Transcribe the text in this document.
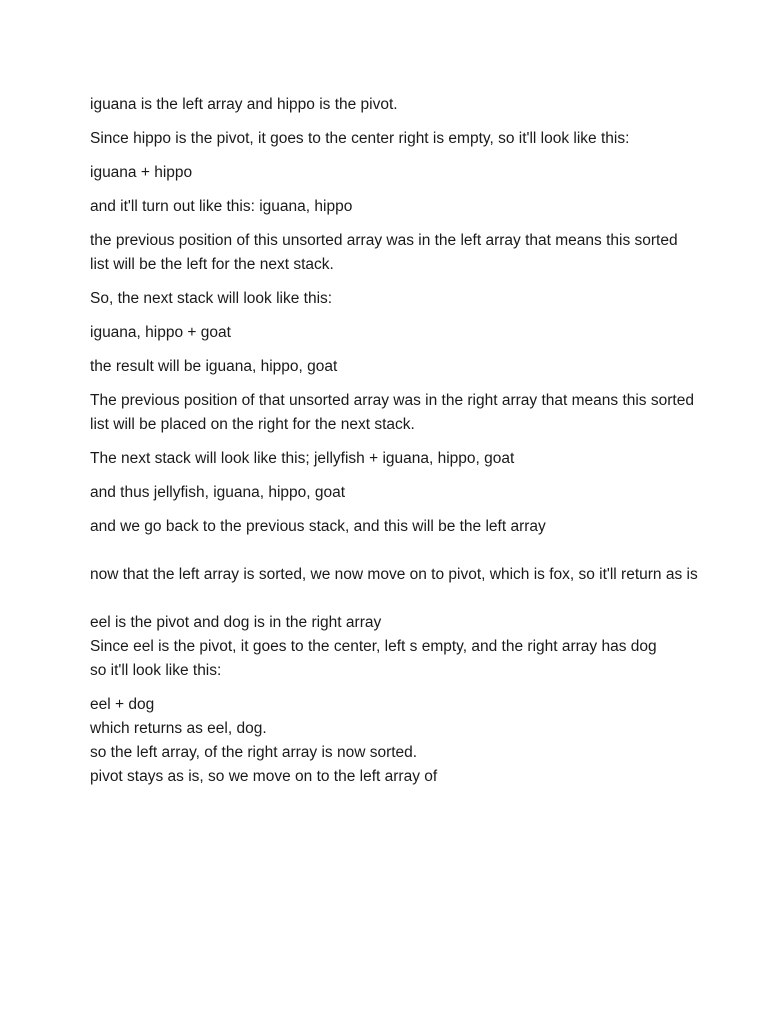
iguana is the left array and hippo is the pivot.

Since hippo is the pivot, it goes to the center right is empty, so it'll look like this:

iguana + hippo

and it'll turn out like this: iguana, hippo

the previous position of this unsorted array was in the left array that means this sorted list will be the left for the next stack.

So, the next stack will look like this:

iguana, hippo + goat

the result will be iguana, hippo, goat

The previous position of that unsorted array was in the right array that means this sorted list will be placed on the right for the next stack.

The next stack will look like this; jellyfish + iguana, hippo, goat

and thus jellyfish, iguana, hippo, goat

and we go back to the previous stack, and this will be the left array

now that the left array is sorted, we now move on to pivot, which is fox, so it'll return as is

eel is the pivot and dog is in the right array

Since eel is the pivot, it goes to the center, left s empty, and the right array has dog

so it'll look like this:

eel + dog

which returns as eel, dog.

so the left array, of the right array is now sorted.

pivot stays as is, so we move on to the left array of
